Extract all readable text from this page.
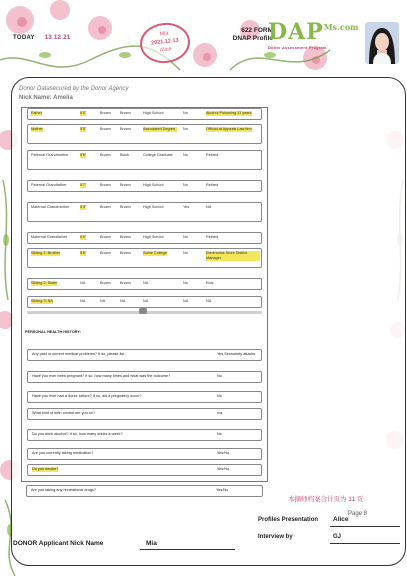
TODAY 13 12 21
Mia
2021.12.13
Alice
622 FORM
DNAP Profile
$DAP^{Ms.com}$
Donor Assessment Program
Donor Datasecured by the Donor Agency
Nick Name: Amelia
Father	6'0"	Brown Brown	High School	No	Alcohol Poisoning 11 years
Mother	5'5"	Brown Brown	Associated Degree	No	Official at Appeals Law firm
Paternal Grandmother	5'6"	Brown Black	College Graduate	No	Retired
Paternal Grandfather	5'7"	Brown Brown	High School	No	Retired
Maternal Grandmother	5'3"	Brown Brown	High School	Yes	NA
Maternal Grandfather	6'0"	Brown Brown	High School	No	Retired
Sibling 1: Brother	5'8"	Brown Brown	Some College	No	Electronics Store District Manager
Sibling 2: Sister	NA	Brown Brown	NA	No	Kids
Sibling 3: NA	NA	NA	NA	NA	NA	NA
PERSONAL HEALTH HISTORY:
Any past or current medical problems? If so, please list	Yes,Sensoriety attacks
Have you ever been pregnant? If so, how many times and what was the outcome?	No
Have you ever had a donor before? If so, did a pregnancy occur?	No
What kind of birth control are you on?	n/a
Do you drink alcohol? If so, how many drinks a week?	No
Are you currently taking medication?	Yes/No
Do you smoke?	Yes/No
Are you taking any recreational drugs?	Yes/No
本摘师档案合计页为 11 页
Page 8
Profiles Presentation Alice
Interview by	GJ
DONOR Applicant Nick Name	Mia
